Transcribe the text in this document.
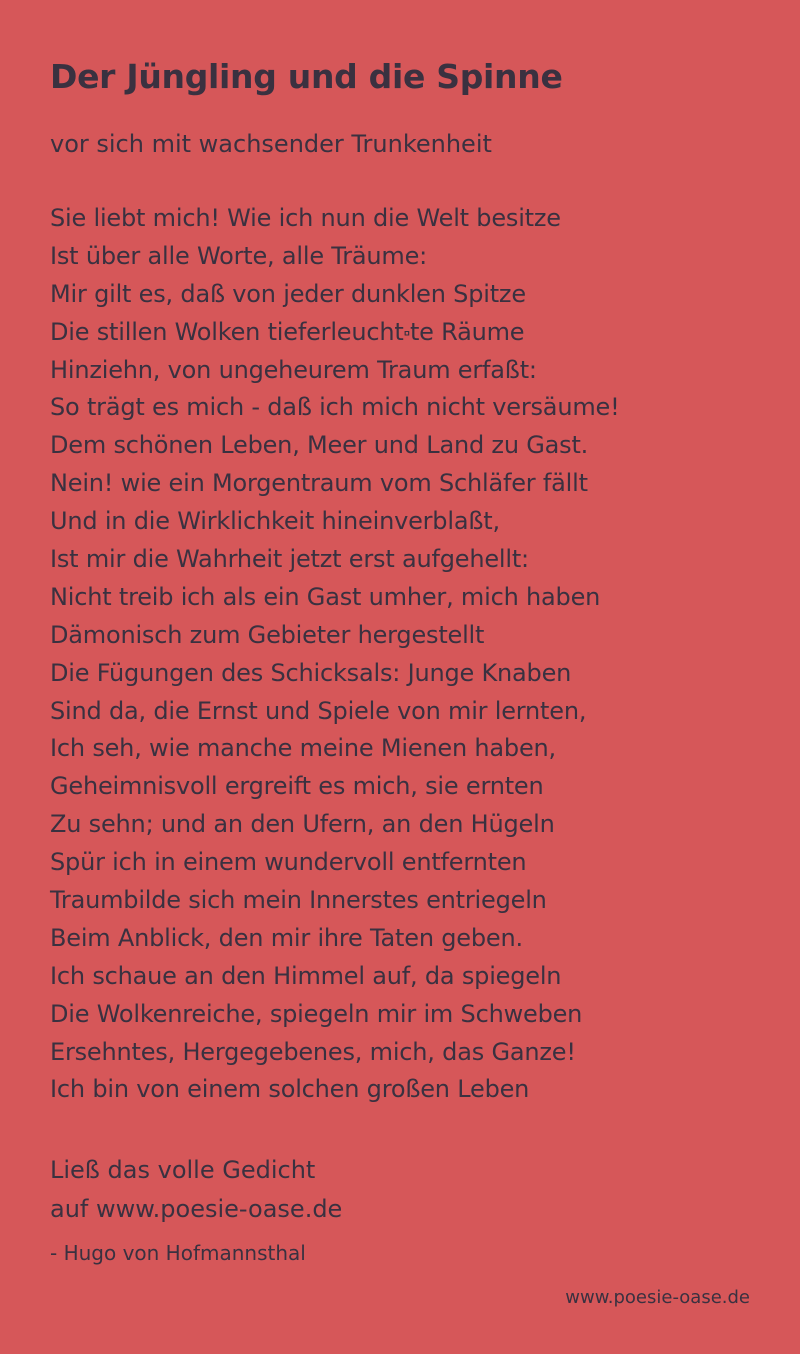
Der Jüngling und die Spinne

vor sich mit wachsender Trunkenheit

Sie liebt mich! Wie ich nun die Welt besitze
Ist über alle Worte, alle Träume:
Mir gilt es, daß von jeder dunklen Spitze
Die stillen Wolken tieferleucht⬞te Räume
Hinziehn, von ungeheurem Traum erfaßt:
So trägt es mich - daß ich mich nicht versäume!
Dem schönen Leben, Meer und Land zu Gast.
Nein! wie ein Morgentraum vom Schläfer fällt
Und in die Wirklichkeit hineinverblaßt,
Ist mir die Wahrheit jetzt erst aufgehellt:
Nicht treib ich als ein Gast umher, mich haben
Dämonisch zum Gebieter hergestellt
Die Fügungen des Schicksals: Junge Knaben
Sind da, die Ernst und Spiele von mir lernten,
Ich seh, wie manche meine Mienen haben,
Geheimnisvoll ergreift es mich, sie ernten
Zu sehn; und an den Ufern, an den Hügeln
Spür ich in einem wundervoll entfernten
Traumbilde sich mein Innerstes entriegeln
Beim Anblick, den mir ihre Taten geben.
Ich schaue an den Himmel auf, da spiegeln
Die Wolkenreiche, spiegeln mir im Schweben
Ersehntes, Hergegebenes, mich, das Ganze!
Ich bin von einem solchen großen Leben
Ließ das volle Gedicht
auf www.poesie-oase.de

- Hugo von Hofmannsthal

www.poesie-oase.de
